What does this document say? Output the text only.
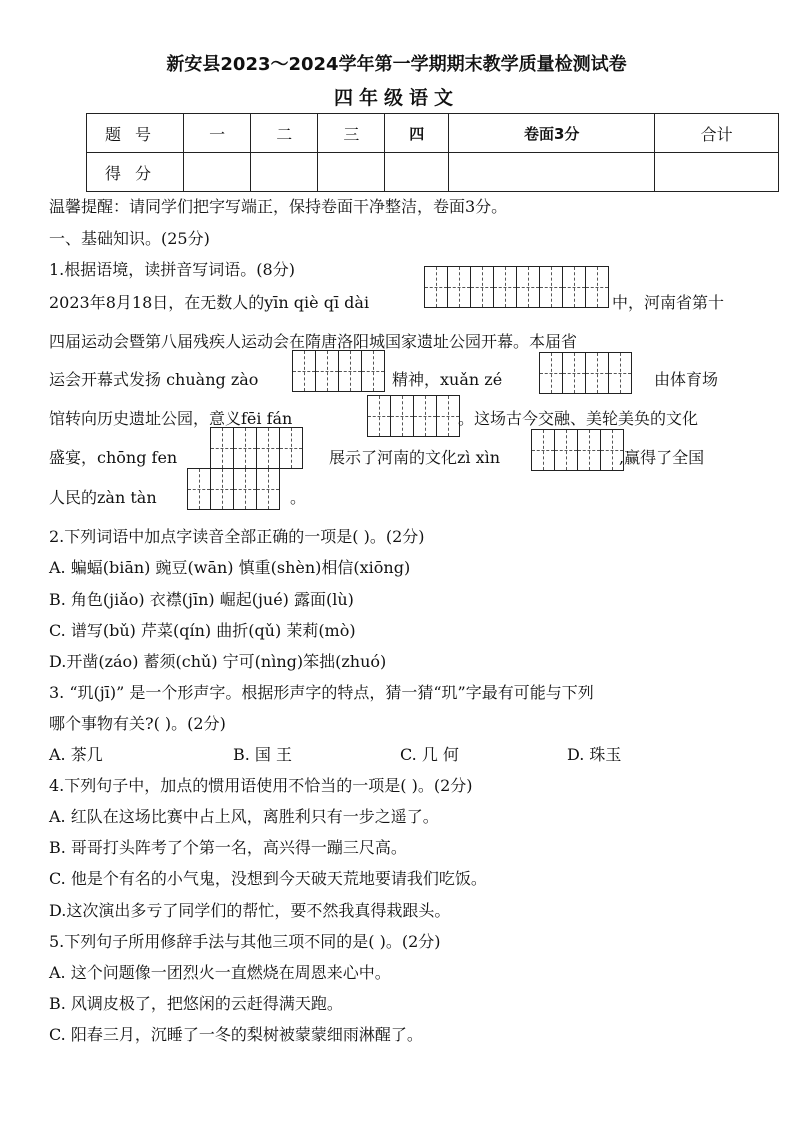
新安县2023～2024学年第一学期期末教学质量检测试卷
四年级语文
题号	一	二	三	四	卷面3分	合计
得分						
温馨提醒：请同学们把字写端正，保持卷面干净整洁，卷面3分。
一、基础知识。(25分)
1.根据语境，读拼音写词语。(8分)
2023年8月18日，在无数人的yīn qiè qī dài	中，河南省第十
四届运动会暨第八届残疾人运动会在隋唐洛阳城国家遗址公园开幕。本届省
运会开幕式发扬 chuàng zào	精神，xuǎn zé	由体育场
馆转向历史遗址公园，意义fēi fán	。这场古今交融、美轮美奂的文化
盛宴，chōng fen	展示了河南的文化zì xìn	,赢得了全国
人民的zàn tàn	。
2.下列词语中加点字读音全部正确的一项是( )。(2分)
A. 蝙蝠(biān) 豌豆(wān) 慎重(shèn)相信(xiōng)
B. 角色(jiǎo) 衣襟(jīn) 崛起(jué) 露面(lù)
C. 谱写(bǔ) 芹菜(qín) 曲折(qǔ) 茉莉(mò)
D.开凿(záo) 蓄须(chǔ) 宁可(nìng)笨拙(zhuó)
3. “玑(jī)” 是一个形声字。根据形声字的特点，猜一猜“玑”字最有可能与下列
哪个事物有关?( )。(2分)
A. 茶几	B. 国 王	C. 几 何	D. 珠玉
4.下列句子中，加点的惯用语使用不恰当的一项是( )。(2分)
A. 红队在这场比赛中占上风，离胜利只有一步之遥了。
B. 哥哥打头阵考了个第一名，高兴得一蹦三尺高。
C. 他是个有名的小气鬼，没想到今天破天荒地要请我们吃饭。
D.这次演出多亏了同学们的帮忙，要不然我真得栽跟头。
5.下列句子所用修辞手法与其他三项不同的是( )。(2分)
A. 这个问题像一团烈火一直燃烧在周恩来心中。
B. 风调皮极了，把悠闲的云赶得满天跑。
C. 阳春三月，沉睡了一冬的梨树被蒙蒙细雨淋醒了。
